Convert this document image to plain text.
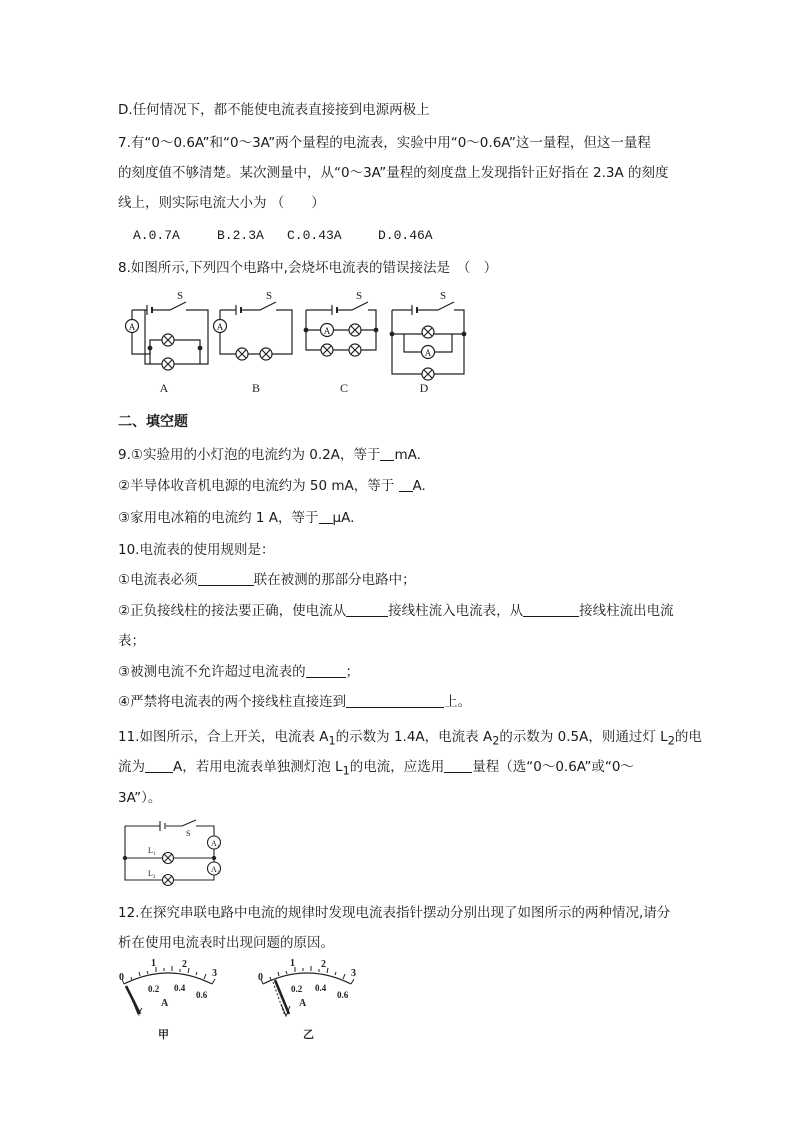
D.任何情况下，都不能使电流表直接接到电源两极上
7.有“0～0.6A”和“0～3A”两个量程的电流表，实验中用“0～0.6A”这一量程，但这一量程
的刻度值不够清楚。某次测量中，从“0～3A”量程的刻度盘上发现指针正好指在 2.3A 的刻度
线上，则实际电流大小为 （　　）
A.0.7A	B.2.3A C.0.43A	D.0.46A
8.如图所示,下列四个电路中,会烧坏电流表的错误接法是　（　）
A	A	A
A
S	S	S	S
A	B	C	D
二、填空题
9.①实验用的小灯泡的电流约为 0.2A，等于 mA.
②半导体收音机电源的电流约为 50 mA，等于 A.
③家用电冰箱的电流约 1 A，等于 μA.
10.电流表的使用规则是：
①电流表必须	联在被测的那部分电路中；
②正负接线柱的接法要正确，使电流从	接线柱流入电流表，从	接线柱流出电流
表；
③被测电流不允许超过电流表的	；
④严禁将电流表的两个接线柱直接连到	上。
11.如图所示，合上开关，电流表 $A_1$的示数为 1.4A，电流表 $A_2$的示数为 0.5A，则通过灯 $L_2$的电
流为 A，若用电流表单独测灯泡 $L_1$的电流，应选用 量程（选“0～0.6A”或“0～
3A”）。
S
L 1
L 2
A 1
A 2
12.在探究串联电路中电流的规律时发现电流表指针摆动分别出现了如图所示的两种情况,请分
析在使用电流表时出现问题的原因。
0
1	2
3
0.2 0.4
0.6
A
甲
0
1	2
3
0.2 0.4
0.6
A
乙
